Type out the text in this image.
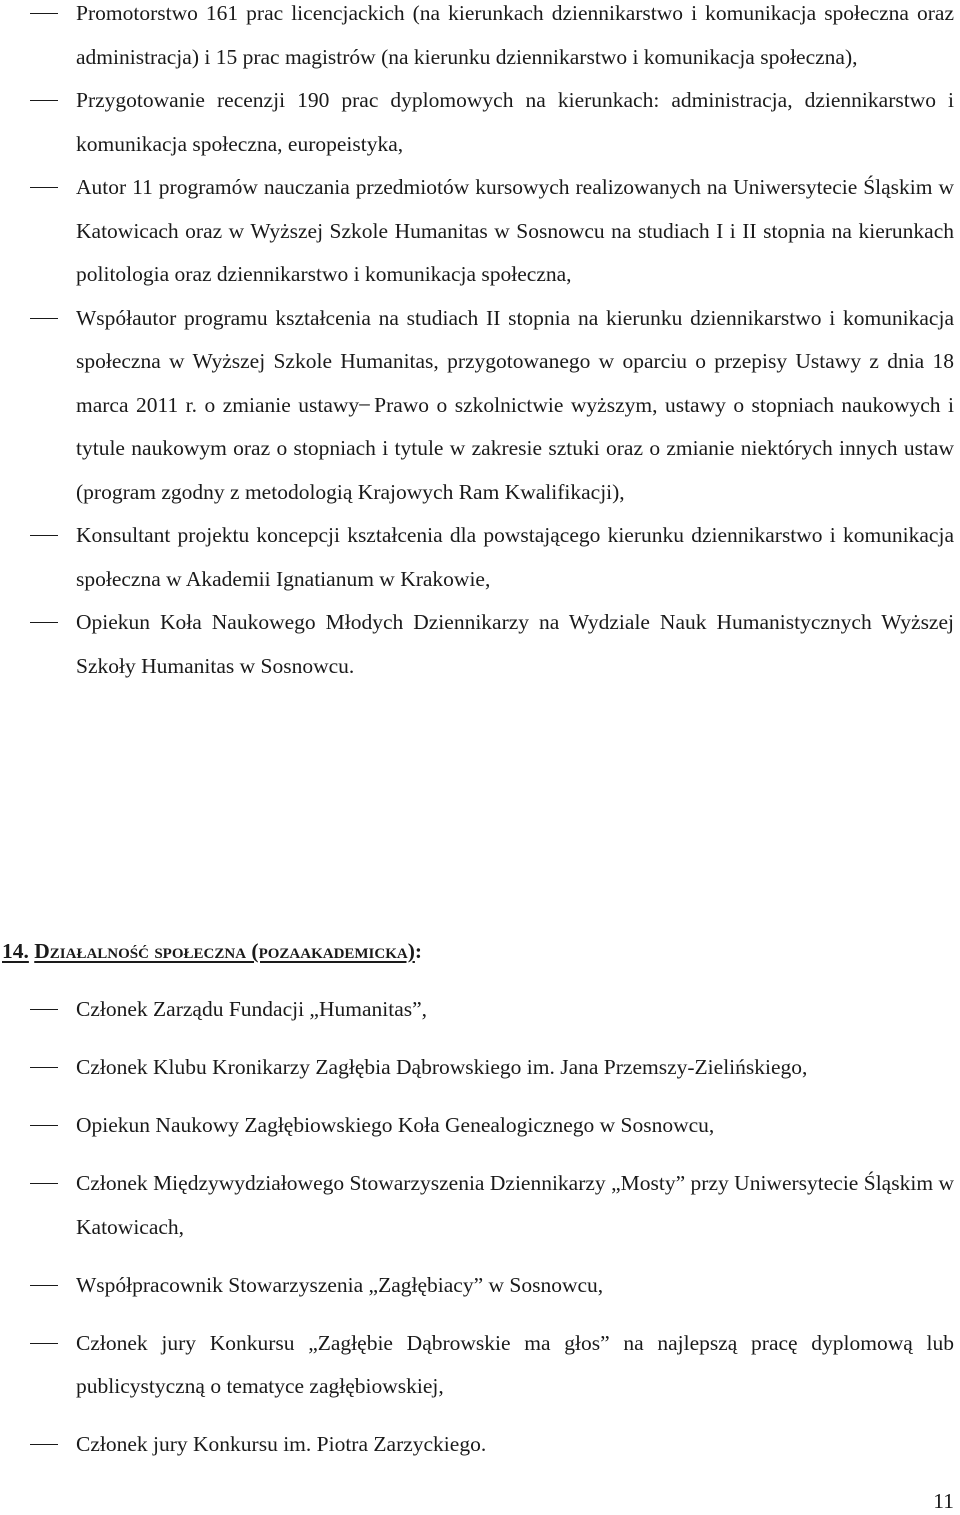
Promotorstwo 161 prac licencjackich (na kierunkach dziennikarstwo i komunikacja społeczna oraz administracja) i 15 prac magistrów (na kierunku dziennikarstwo i komunikacja społeczna),
Przygotowanie recenzji 190 prac dyplomowych na kierunkach: administracja, dziennikarstwo i komunikacja społeczna, europeistyka,
Autor 11 programów nauczania przedmiotów kursowych realizowanych na Uniwersytecie Śląskim w Katowicach oraz w Wyższej Szkole Humanitas w Sosnowcu na studiach I i II stopnia na kierunkach politologia oraz dziennikarstwo i komunikacja społeczna,
Współautor programu kształcenia na studiach II stopnia na kierunku dziennikarstwo i komunikacja społeczna w Wyższej Szkole Humanitas, przygotowanego w oparciu o przepisy Ustawy z dnia 18 marca 2011 r. o zmianie ustawy ̶ Prawo o szkolnictwie wyższym, ustawy o stopniach naukowych i tytule naukowym oraz o stopniach i tytule w zakresie sztuki oraz o zmianie niektórych innych ustaw (program zgodny z metodologią Krajowych Ram Kwalifikacji),
Konsultant projektu koncepcji kształcenia dla powstającego kierunku dziennikarstwo i komunikacja społeczna w Akademii Ignatianum w Krakowie,
Opiekun Koła Naukowego Młodych Dziennikarzy na Wydziale Nauk Humanistycznych Wyższej Szkoły Humanitas w Sosnowcu.
14. Działalność społeczna (pozaakademicka):
Członek Zarządu Fundacji „Humanitas”,
Członek Klubu Kronikarzy Zagłębia Dąbrowskiego im. Jana Przemszy-Zielińskiego,
Opiekun Naukowy Zagłębiowskiego Koła Genealogicznego w Sosnowcu,
Członek Międzywydziałowego Stowarzyszenia Dziennikarzy „Mosty” przy Uniwersytecie Śląskim w Katowicach,
Współpracownik Stowarzyszenia „Zagłębiacy” w Sosnowcu,
Członek jury Konkursu „Zagłębie Dąbrowskie ma głos” na najlepszą pracę dyplomową lub publicystyczną o tematyce zagłębiowskiej,
Członek jury Konkursu im. Piotra Zarzyckiego.
11
